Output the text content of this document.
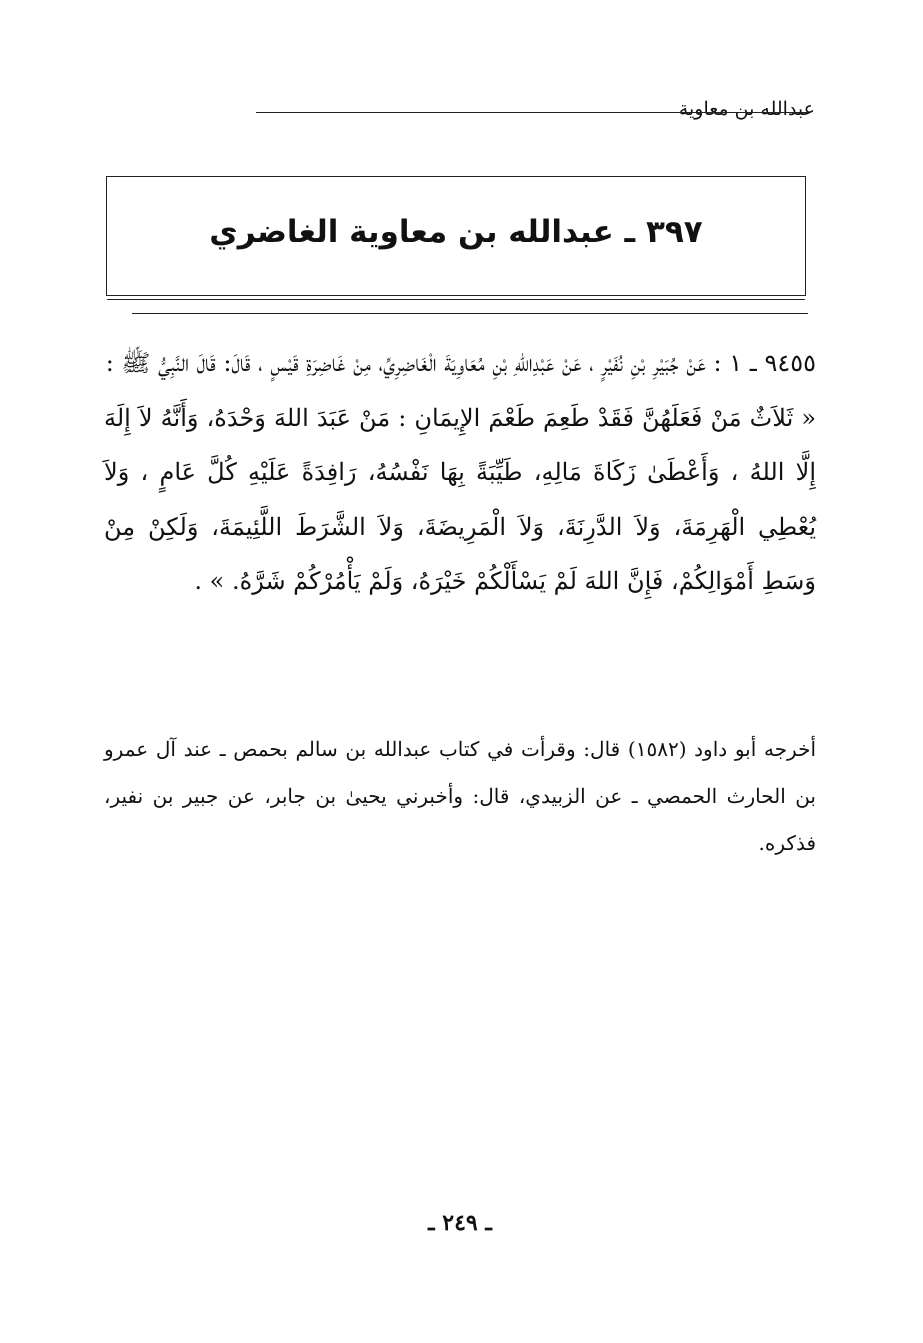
عبدالله بن معاوية
٣٩٧ ـ عبدالله بن معاوية الغاضري

٩٤٥٥ ـ ١ : عَنْ جُبَيْرِ بْنِ نُفَيْرٍ ، عَنْ عَبْدِاللهِ بْنِ مُعَاوِيَةَ الْغَاضِرِيِّ، مِنْ غَاضِرَةِ قَيْسٍ ، قَالَ: قَالَ النَّبِيُّ ﷺ :

« ثَلاَثٌ مَنْ فَعَلَهُنَّ فَقَدْ طَعِمَ طَعْمَ الإِيمَانِ : مَنْ عَبَدَ اللهَ وَحْدَهُ، وَأَنَّهُ لاَ إِلَهَ إِلَّا اللهُ ، وَأَعْطَىٰ زَكَاةَ مَالِهِ، طَيِّبَةً بِهَا نَفْسُهُ، رَافِدَةً عَلَيْهِ كُلَّ عَامٍ ، وَلاَ يُعْطِي الْهَرِمَةَ، وَلاَ الدَّرِنَةَ، وَلاَ الْمَرِيضَةَ، وَلاَ الشَّرَطَ اللَّئِيمَةَ، وَلَكِنْ مِنْ وَسَطِ أَمْوَالِكُمْ، فَإِنَّ اللهَ لَمْ يَسْأَلْكُمْ خَيْرَهُ، وَلَمْ يَأْمُرْكُمْ شَرَّهُ. » .

أخرجه أبو داود (١٥٨٢) قال: وقرأت في كتاب عبدالله بن سالم بحمص ـ عند آل عمرو بن الحارث الحمصي ـ عن الزبيدي، قال: وأخبرني يحيىٰ بن جابر، عن جبير بن نفير، فذكره.

ـ ٢٤٩ ـ
